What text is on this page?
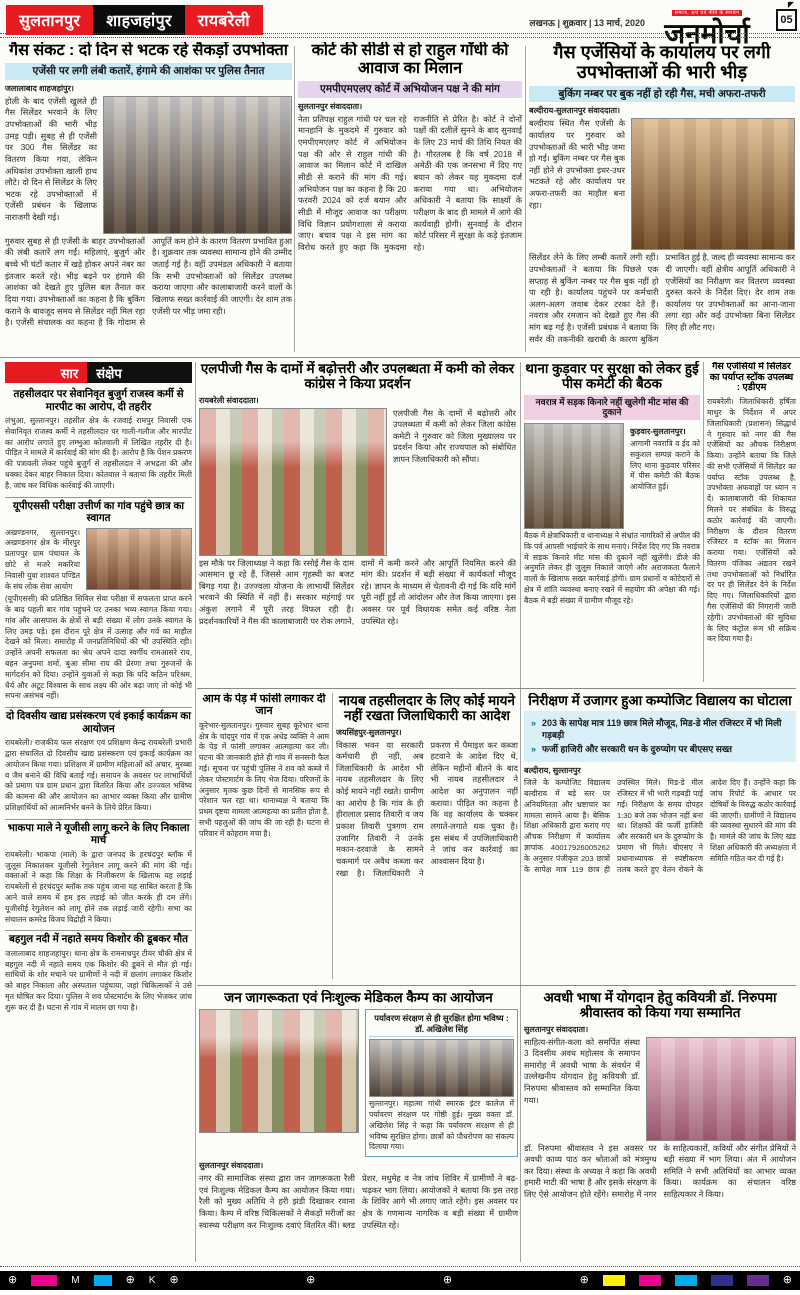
सुलतानपुर	शाहजहांपुर	रायबरेली	लखनऊ | शुक्रवार | 13 मार्च, 2020
समाज, अर्थ एवं नीति के समर्थन
जनमोर्चा
◤
05
गैस संकट : दो दिन से भटक रहे सैकड़ों उपभोक्ता
एजेंसी पर लगी लंबी कतारें, हंगामे की आशंका पर पुलिस तैनात
जलालाबाद शाहजहांपुर।
होली के बाद एजेंसी खुलते ही गैस सिलेंडर भरवाने के लिए उपभोक्ताओं की भारी भीड़ उमड़ पड़ी। सुबह से ही एजेंसी पर 300 गैस सिलेंडर का वितरण किया गया, लेकिन अधिकांश उपभोक्ता खाली हाथ लौटे। दो दिन से सिलेंडर के लिए भटक रहे उपभोक्ताओं में एजेंसी प्रबंधन के खिलाफ नाराजगी देखी गई।
गुरुवार सुबह से ही एजेंसी के बाहर उपभोक्ताओं की लंबी कतारें लग गईं। महिलाएं, बुजुर्ग और बच्चे भी घंटों कतार में खड़े होकर अपने नंबर का इंतजार करते रहे। भीड़ बढ़ने पर हंगामे की आशंका को देखते हुए पुलिस बल तैनात कर दिया गया। उपभोक्ताओं का कहना है कि बुकिंग कराने के बावजूद समय से सिलेंडर नहीं मिल रहा है। एजेंसी संचालक का कहना है कि गोदाम से आपूर्ति कम होने के कारण वितरण प्रभावित हुआ है। शुक्रवार तक व्यवस्था सामान्य होने की उम्मीद जताई गई है। वहीं उपमंडल अधिकारी ने बताया कि सभी उपभोक्ताओं को सिलेंडर उपलब्ध कराया जाएगा और कालाबाजारी करने वालों के खिलाफ सख्त कार्रवाई की जाएगी। देर शाम तक एजेंसी पर भीड़ जमा रही।
कोर्ट की सीडी से हो राहुल गाँधी की आवाज का मिलान
एमपीएमएलए कोर्ट में अभियोजन पक्ष ने की मांग
सुलतानपुर संवाददाता।
नेता प्रतिपक्ष राहुल गांधी पर चल रहे मानहानि के मुकदमे में गुरुवार को एमपीएमएलए कोर्ट में अभियोजन पक्ष की ओर से राहुल गांधी की आवाज का मिलान कोर्ट में दाखिल सीडी से कराने की मांग की गई। अभियोजन पक्ष का कहना है कि 20 फरवरी 2024 को दर्ज बयान और सीडी में मौजूद आवाज का परीक्षण विधि विज्ञान प्रयोगशाला से कराया जाए। बचाव पक्ष ने इस मांग का विरोध करते हुए कहा कि मुकदमा राजनीति से प्रेरित है। कोर्ट ने दोनों पक्षों की दलीलें सुनने के बाद सुनवाई के लिए 23 मार्च की तिथि नियत की है। गौरतलब है कि वर्ष 2018 में अमेठी की एक जनसभा में दिए गए बयान को लेकर यह मुकदमा दर्ज कराया गया था। अभियोजन अधिकारी ने बताया कि साक्ष्यों के परीक्षण के बाद ही मामले में आगे की कार्यवाही होगी। सुनवाई के दौरान कोर्ट परिसर में सुरक्षा के कड़े इंतजाम रहे।
गैस एजेंसियों के कार्यालय पर लगी उपभोक्ताओं की भारी भीड़
बुकिंग नम्बर पर बुक नहीं हो रही गैस, मची अफरा-तफरी
बल्दीराय-सुलतानपुर संवाददाता।
बल्दीराय स्थित गैस एजेंसी के कार्यालय पर गुरुवार को उपभोक्ताओं की भारी भीड़ जमा हो गई। बुकिंग नम्बर पर गैस बुक नहीं होने से उपभोक्ता इधर-उधर भटकते रहे और कार्यालय पर अफरा-तफरी का माहौल बना रहा।
सिलेंडर लेने के लिए लम्बी कतारें लगी रहीं। उपभोक्ताओं ने बताया कि पिछले एक सप्ताह से बुकिंग नम्बर पर गैस बुक नहीं हो पा रही है। कार्यालय पहुंचने पर कर्मचारी अलग-अलग जवाब देकर टरका देते हैं। नवरात्र और रमजान को देखते हुए गैस की मांग बढ़ गई है। एजेंसी प्रबंधक ने बताया कि सर्वर की तकनीकी खराबी के कारण बुकिंग प्रभावित हुई है, जल्द ही व्यवस्था सामान्य कर दी जाएगी। वहीं क्षेत्रीय आपूर्ति अधिकारी ने एजेंसियों का निरीक्षण कर वितरण व्यवस्था दुरुस्त करने के निर्देश दिए। देर शाम तक कार्यालय पर उपभोक्ताओं का आना-जाना लगा रहा और कई उपभोक्ता बिना सिलेंडर लिए ही लौट गए।
सार	संक्षेप
तहसीलदार पर सेवानिवृत बुजुर्ग राजस्व कर्मी से मारपीट का आरोप, दी तहरीर
लंभुआ, सुल्तानपुर। तहसील क्षेत्र के रजवाई रामपुर निवासी एक सेवानिवृत राजस्व कर्मी ने तहसीलदार पर गाली-गलौज और मारपीट का आरोप लगाते हुए लम्भुआ कोतवाली में लिखित तहरीर दी है। पीड़ित ने मामले में कार्रवाई की मांग की है। आरोप है कि पेंशन प्रकरण की पत्रावली लेकर पहुंचे बुजुर्ग से तहसीलदार ने अभद्रता की और धक्का देकर बाहर निकाल दिया। कोतवाल ने बताया कि तहरीर मिली है, जांच कर विधिक कार्रवाई की जाएगी।
यूपीएससी परीक्षा उत्तीर्ण का गांव पहुंचे छात्र का स्वागत
अखण्डनगर, सुल्तानपुर। अखण्डनगर क्षेत्र के मीरपुर प्रतापपुर ग्राम पंचायत के छोटे से मजरे मकरिया निवासी युवा शाश्वत पण्डित के संघ लोक सेवा आयोग
(यूपीएससी) की प्रतिष्ठित सिविल सेवा परीक्षा में सफलता प्राप्त करने के बाद पहली बार गांव पहुंचने पर उनका भव्य स्वागत किया गया। गांव और आसपास के क्षेत्रों से बड़ी संख्या में लोग उनके स्वागत के लिए उमड़ पड़े। इस दौरान पूरे क्षेत्र में उत्साह और गर्व का माहौल देखने को मिला। समारोह में जनप्रतिनिधियों की भी उपस्थिति रही। उन्होंने अपनी सफलता का श्रेय अपने दादा स्वर्गीय रामआसरे राय, बहन अनुपमा शर्मा, बुआ सीमा राय की प्रेरणा तथा गुरुजनों के मार्गदर्शन को दिया। उन्होंने युवाओं से कहा कि यदि कठिन परिश्रम, धैर्य और अटूट विश्वास के साथ लक्ष्य की ओर बढ़ा जाए तो कोई भी सपना असंभव नहीं।
दो दिवसीय खाद्य प्रसंस्करण एवं इकाई कार्यक्रम का आयोजन
रायबरेली। राजकीय फल संरक्षण एवं प्रशिक्षण केन्द्र रायबरेली प्रभारी द्वारा संचालित दो दिवसीय खाद्य प्रसंस्करण एवं इकाई कार्यक्रम का आयोजन किया गया। प्रशिक्षण में ग्रामीण महिलाओं को अचार, मुरब्बा व जैम बनाने की विधि बताई गई। समापन के अवसर पर लाभार्थियों को प्रमाण पत्र ग्राम प्रधान द्वारा वितरित किया और उज्ज्वल भविष्य की कामना की और आयोजन का आभार व्यक्त किया और ग्रामीण प्रशिक्षार्थियों को आत्मनिर्भर बनने के लिये प्रेरित किया।
भाकपा माले ने यूजीसी लागू करने के लिए निकाला मार्च
रायबरेली। भाकपा (माले) के द्वारा जनपद के हरचंदपुर ब्लॉक में जुलूस निकालकर यूजीसी रेगुलेशन लागू करने की मांग की गई। वक्ताओं ने कहा कि शिक्षा के निजीकरण के खिलाफ यह लड़ाई रायबरेली से हरचंदपुर ब्लॉक तक पहुंच जाना यह साबित करता है कि आने वाले समय में हम इस लड़ाई को जीत करके ही दम लेंगे। यूजीसीई रेगुलेशन को लागू होने तक लड़ाई जारी रहेगी। सभा का संचालन कमरेड विजय विद्रोही ने किया।
बहगुल नदी में नहाते समय किशोर की डूबकर मौत
जलालाबाद शाहजहांपुर। थाना क्षेत्र के रामनाथपुर टीयर चौकी क्षेत्र में बहगुल नदी में नहाते समय एक किशोर की डूबने से मौत हो गई। साथियों के शोर मचाने पर ग्रामीणों ने नदी में छलांग लगाकर किशोर को बाहर निकाला और अस्पताल पहुंचाया, जहां चिकित्सकों ने उसे मृत घोषित कर दिया। पुलिस ने शव पोस्टमार्टम के लिए भेजकर जांच शुरू कर दी है। घटना से गांव में मातम छा गया है।
एलपीजी गैस के दामों में बढ़ोत्तरी और उपलब्धता में कमी को लेकर कांग्रेस ने किया प्रदर्शन
रायबरेली संवाददाता।
एलपीजी गैस के दामों में बढ़ोत्तरी और उपलब्धता में कमी को लेकर जिला कांग्रेस कमेटी ने गुरुवार को जिला मुख्यालय पर प्रदर्शन किया और राज्यपाल को संबोधित ज्ञापन जिलाधिकारी को सौंपा।
इस मौके पर जिलाध्यक्ष ने कहा कि रसोई गैस के दाम आसमान छू रहे हैं, जिससे आम गृहस्थी का बजट बिगड़ गया है। उज्ज्वला योजना के लाभार्थी सिलेंडर भरवाने की स्थिति में नहीं हैं। सरकार महंगाई पर अंकुश लगाने में पूरी तरह विफल रही है। प्रदर्शनकारियों ने गैस की कालाबाजारी पर रोक लगाने, दामों में कमी करने और आपूर्ति नियमित करने की मांग की। प्रदर्शन में बड़ी संख्या में कार्यकर्ता मौजूद रहे। ज्ञापन के माध्यम से चेतावनी दी गई कि यदि मांगें पूरी नहीं हुईं तो आंदोलन और तेज किया जाएगा। इस अवसर पर पूर्व विधायक समेत कई वरिष्ठ नेता उपस्थित रहे।
थाना कुड़वार पर सुरक्षा को लेकर हुई पीस कमेटी की बैठक
नवरात्र में सड़क किनारे नहीं खुलेगी मीट मांस की दुकाने
कुड़वार-सुलतानपुर।
आगामी नवरात्रि व ईद को सकुशल सम्पन्न कराने के लिए थाना कुड़वार परिसर में पीस कमेटी की बैठक आयोजित हुई।
बैठक में क्षेत्राधिकारी व थानाध्यक्ष ने संभ्रांत नागरिकों से अपील की कि पर्व आपसी भाईचारे के साथ मनाएं। निर्देश दिए गए कि नवरात्र में सड़क किनारे मीट मांस की दुकानें नहीं खुलेंगी। डीजे की अनुमति लेकर ही जुलूस निकाले जाएंगे और अराजकता फैलाने वालों के खिलाफ सख्त कार्रवाई होगी। ग्राम प्रधानों व कोटेदारों से क्षेत्र में शांति व्यवस्था बनाए रखने में सहयोग की अपेक्षा की गई। बैठक में बड़ी संख्या में ग्रामीण मौजूद रहे।
गैस एजेंसियों में सिलेंडर का पर्याप्त स्टॉक उपलब्ध : एडीएम
रायबरेली। जिलाधिकारी हर्षिता माथुर के निर्देशन में अपर जिलाधिकारी (प्रशासन) सिद्धार्थ ने गुरुवार को नगर की गैस एजेंसियों का औचक निरीक्षण किया। उन्होंने बताया कि जिले की सभी एजेंसियों में सिलेंडर का पर्याप्त स्टॉक उपलब्ध है, उपभोक्ता अफवाहों पर ध्यान न दें। कालाबाजारी की शिकायत मिलने पर संबंधित के विरुद्ध कठोर कार्रवाई की जाएगी। निरीक्षण के दौरान वितरण रजिस्टर व स्टॉक का मिलान कराया गया। एजेंसियों को वितरण पंजिका अद्यतन रखने तथा उपभोक्ताओं को निर्धारित दर पर ही सिलेंडर देने के निर्देश दिए गए। जिलाधिकारियों द्वारा गैस एजेंसियों की निगरानी जारी रहेगी। उपभोक्ताओं की सुविधा के लिए कंट्रोल रूम भी सक्रिय कर दिया गया है।
आम के पेड़ में फांसी लगाकर दी जान
कूरेभार-सुलतानपुर। गुरुवार सुबह कूरेभार थाना क्षेत्र के चांदपुर गांव में एक अधेड़ व्यक्ति ने आम के पेड़ में फांसी लगाकर आत्महत्या कर ली। घटना की जानकारी होते ही गांव में सनसनी फैल गई। सूचना पर पहुंची पुलिस ने शव को कब्जे में लेकर पोस्टमार्टम के लिए भेज दिया। परिजनों के अनुसार मृतक कुछ दिनों से मानसिक रूप से परेशान चल रहा था। थानाध्यक्ष ने बताया कि प्रथम दृष्टया मामला आत्महत्या का प्रतीत होता है, सभी पहलुओं की जांच की जा रही है। घटना से परिवार में कोहराम मचा है।
नायब तहसीलदार के लिए कोई मायने नहीं रखता जिलाधिकारी का आदेश
जयसिंहपुर-सुलतानपुर।
विकास भवन या सरकारी कर्मचारी ही नहीं, अब जिलाधिकारी के आदेश भी नायब तहसीलदार के लिए कोई मायने नहीं रखते। ग्रामीण का आरोप है कि गांव के ही हीरालाल प्रसाद तिवारी व जय प्रकाश तिवारी पुत्रगण राम उजागिर तिवारी ने उनके मकान-दरवाजे के सामने चकमार्ग पर अवैध कब्जा कर रखा है। जिलाधिकारी ने प्रकरण में पैमाइश कर कब्जा हटवाने के आदेश दिए थे, लेकिन महीनों बीतने के बाद भी नायब तहसीलदार ने आदेश का अनुपालन नहीं कराया। पीड़ित का कहना है कि वह कार्यालय के चक्कर लगाते-लगाते थक चुका है। इस संबंध में उपजिलाधिकारी ने जांच कर कार्रवाई का आश्वासन दिया है।
निरीक्षण में उजागर हुआ कम्पोजिट विद्यालय का घोटाला
» 203 के सापेक्ष मात्र 119 छात्र मिले मौजूद, मिड-डे मील रजिस्टर में भी मिली गड़बड़ी
» फर्जी हाजिरी और सरकारी धन के दुरुप्योग पर बीएसए सख्त
बल्दीराय, सुल्तानपुर
जिले के कम्पोजिट विद्यालय बल्दीराय में बड़े स्तर पर अनियमितता और भ्रष्टाचार का मामला सामने आया है। बेसिक शिक्षा अधिकारी द्वारा कराए गए औचक निरीक्षण में कार्यालय ज्ञापांक 40017926005262 के अनुसार पंजीकृत 203 छात्रों के सापेक्ष मात्र 119 छात्र ही उपस्थित मिले। मिड-डे मील रजिस्टर में भी भारी गड़बड़ी पाई गई। निरीक्षण के समय दोपहर 1:30 बजे तक भोजन नहीं बना था। शिक्षकों की फर्जी हाजिरी और सरकारी धन के दुरुप्योग के प्रमाण भी मिले। बीएसए ने प्रधानाध्यापक से स्पष्टीकरण तलब करते हुए वेतन रोकने के आदेश दिए हैं। उन्होंने कहा कि जांच रिपोर्ट के आधार पर दोषियों के विरुद्ध कठोर कार्रवाई की जाएगी। ग्रामीणों ने विद्यालय की व्यवस्था सुधारने की मांग की है। मामले की जांच के लिए खंड शिक्षा अधिकारी की अध्यक्षता में समिति गठित कर दी गई है।
जन जागरूकता एवं निःशुल्क मेडिकल कैम्प का आयोजन
पर्यावरण संरक्षण से ही सुरक्षित होगा भविष्य : डॉ. अखिलेश सिंह
सुल्तानपुर। महात्मा गांधी स्मारक इंटर कालेज में पर्यावरण संरक्षण पर गोष्ठी हुई। मुख्य वक्ता डॉ. अखिलेश सिंह ने कहा कि पर्यावरण संरक्षण से ही भविष्य सुरक्षित होगा। छात्रों को पौधरोपण का संकल्प दिलाया गया।
सुलतानपुर संवाददाता।
नगर की सामाजिक संस्था द्वारा जन जागरूकता रैली एवं निःशुल्क मेडिकल कैम्प का आयोजन किया गया। रैली को मुख्य अतिथि ने हरी झंडी दिखाकर रवाना किया। कैम्प में वरिष्ठ चिकित्सकों ने सैकड़ों मरीजों का स्वास्थ्य परीक्षण कर निःशुल्क दवाएं वितरित कीं। ब्लड प्रेशर, मधुमेह व नेत्र जांच शिविर में ग्रामीणों ने बढ़-चढ़कर भाग लिया। आयोजकों ने बताया कि इस तरह के शिविर आगे भी लगाए जाते रहेंगे। इस अवसर पर क्षेत्र के गणमान्य नागरिक व बड़ी संख्या में ग्रामीण उपस्थित रहे।
अवधी भाषा में योगदान हेतु कवियत्री डॉ. निरुपमा श्रीवास्तव को किया गया सम्मानित
सुलतानपुर संवाददाता।
साहित्य-संगीत-कला को समर्पित संस्था 3 दिवसीय अवध महोत्सव के समापन समारोह में अवधी भाषा के संवर्धन में उल्लेखनीय योगदान हेतु कवियत्री डॉ. निरुपमा श्रीवास्तव को सम्मानित किया गया।
डॉ. निरुपमा श्रीवास्तव ने इस अवसर पर अवधी काव्य पाठ कर श्रोताओं को मंत्रमुग्ध कर दिया। संस्था के अध्यक्ष ने कहा कि अवधी हमारी माटी की भाषा है और इसके संरक्षण के लिए ऐसे आयोजन होते रहेंगे। समारोह में नगर के साहित्यकारों, कवियों और संगीत प्रेमियों ने बड़ी संख्या में भाग लिया। अंत में आयोजन समिति ने सभी अतिथियों का आभार व्यक्त किया। कार्यक्रम का संचालन वरिष्ठ साहित्यकार ने किया।
⊕	M	⊕ K ⊕	⊕	⊕	⊕	⊕
